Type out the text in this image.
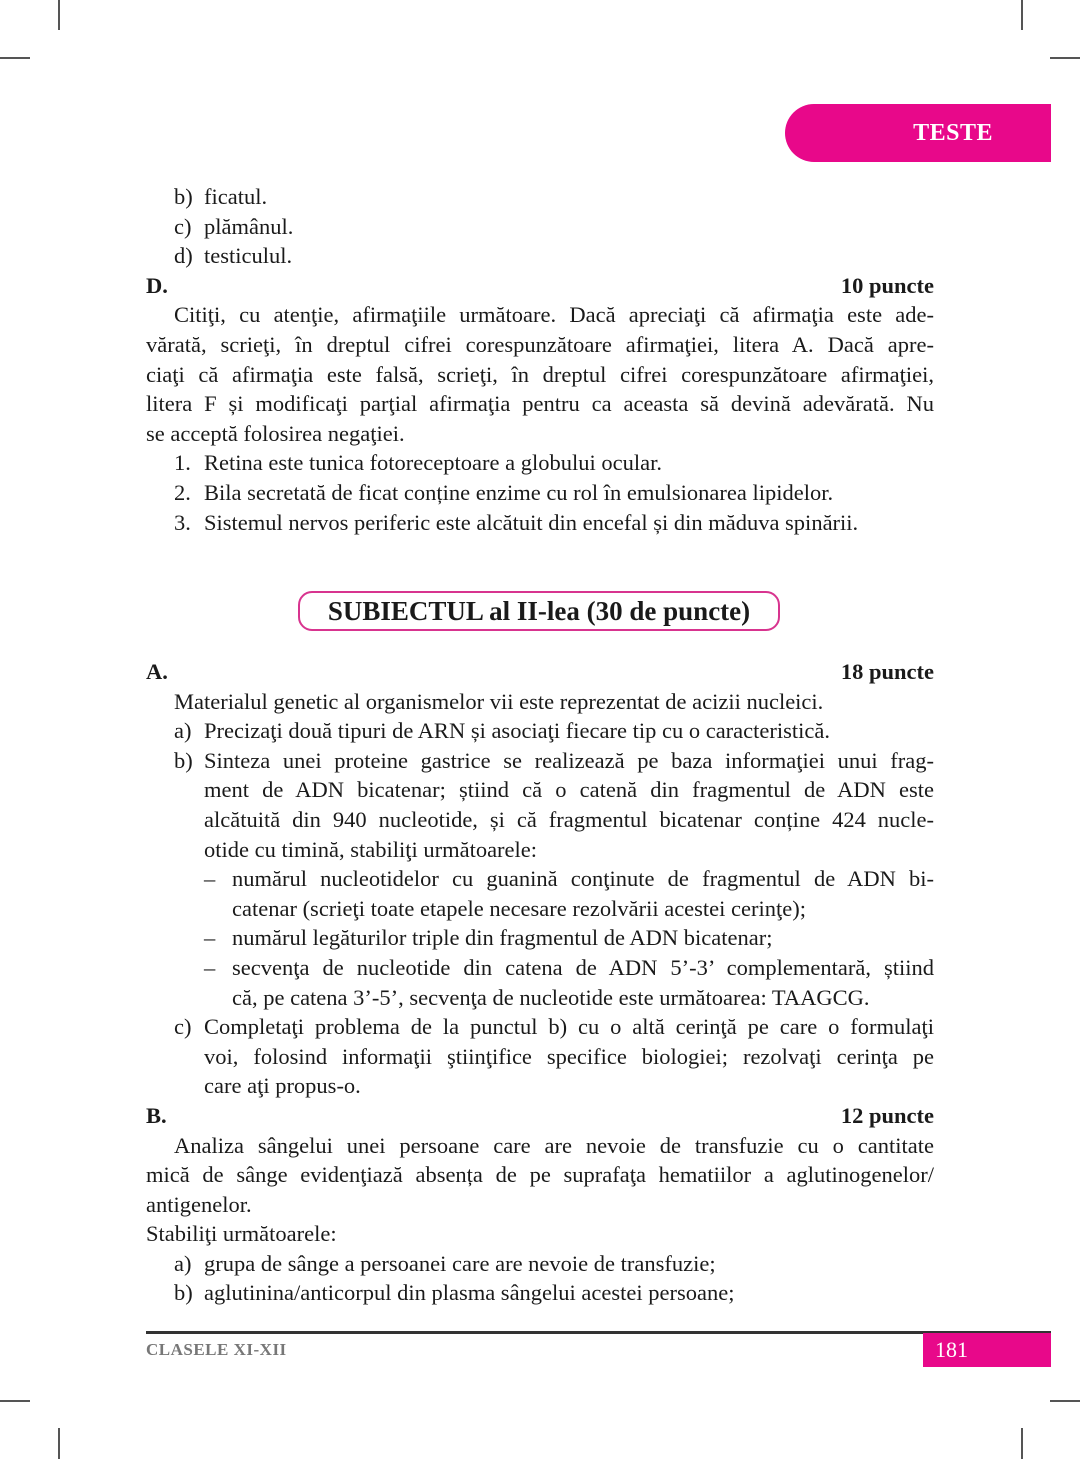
TESTE
b) ficatul.
c) plămânul.
d) testiculul.
D.	10 puncte
Citiţi, cu atenţie, afirmaţiile următoare. Dacă apreciaţi că afirmaţia este ade-
vărată, scrieţi, în dreptul cifrei corespunzătoare afirmaţiei, litera A. Dacă apre-
ciaţi că afirmaţia este falsă, scrieţi, în dreptul cifrei corespunzătoare afirmaţiei,
litera F și modificaţi parţial afirmaţia pentru ca aceasta să devină adevărată. Nu
se acceptă folosirea negaţiei.
1. Retina este tunica fotoreceptoare a globului ocular.
2. Bila secretată de ficat conține enzime cu rol în emulsionarea lipidelor.
3. Sistemul nervos periferic este alcătuit din encefal și din măduva spinării.
SUBIECTUL al II-lea (30 de puncte)
A.	18 puncte
Materialul genetic al organismelor vii este reprezentat de acizii nucleici.
a) Precizaţi două tipuri de ARN și asociaţi fiecare tip cu o caracteristică.
b) Sinteza unei proteine gastrice se realizează pe baza informaţiei unui frag-
ment de ADN bicatenar; știind că o catenă din fragmentul de ADN este
alcătuită din 940 nucleotide, și că fragmentul bicatenar conține 424 nucle-
otide cu timină, stabiliţi următoarele:
– numărul nucleotidelor cu guanină conţinute de fragmentul de ADN bi-
catenar (scrieţi toate etapele necesare rezolvării acestei cerinţe);
– numărul legăturilor triple din fragmentul de ADN bicatenar;
– secvenţa de nucleotide din catena de ADN 5’-3’ complementară, știind
că, pe catena 3’-5’, secvenţa de nucleotide este următoarea: TAAGCG.
c) Completaţi problema de la punctul b) cu o altă cerinţă pe care o formulaţi
voi, folosind informaţii ştiinţifice specifice biologiei; rezolvaţi cerinţa pe
care aţi propus-o.
B.	12 puncte
Analiza sângelui unei persoane care are nevoie de transfuzie cu o cantitate
mică de sânge evidenţiază absența de pe suprafaţa hematiilor a aglutinogenelor/
antigenelor.
Stabiliţi următoarele:
a) grupa de sânge a persoanei care are nevoie de transfuzie;
b) aglutinina/anticorpul din plasma sângelui acestei persoane;
CLASELE XI-XII	181
